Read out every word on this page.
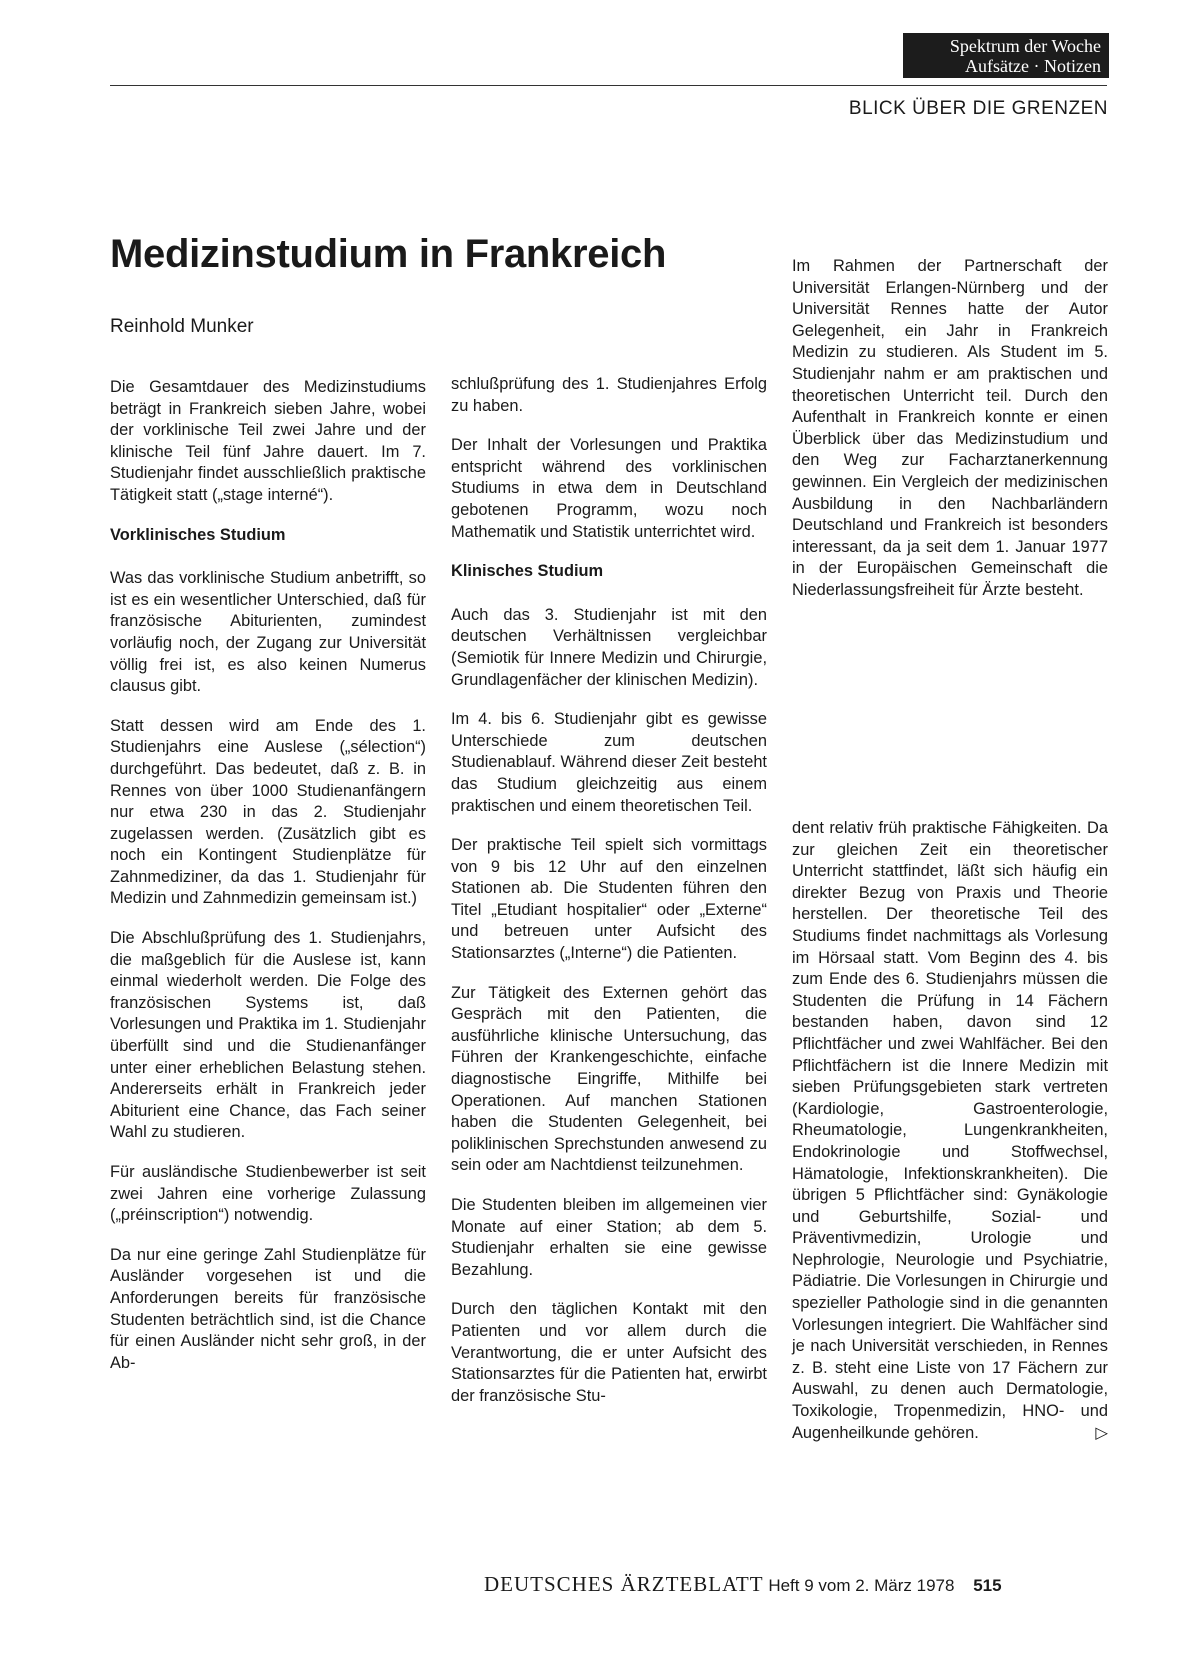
Spektrum der Woche
Aufsätze · Notizen
BLICK ÜBER DIE GRENZEN
Medizinstudium in Frankreich
Reinhold Munker

Die Gesamtdauer des Medizinstudiums beträgt in Frankreich sieben Jahre, wobei der vorklinische Teil zwei Jahre und der klinische Teil fünf Jahre dauert. Im 7. Studienjahr findet ausschließlich praktische Tätigkeit statt („stage interné“).

Vorklinisches Studium

Was das vorklinische Studium anbetrifft, so ist es ein wesentlicher Unterschied, daß für französische Abiturienten, zumindest vorläufig noch, der Zugang zur Universität völlig frei ist, es also keinen Numerus clausus gibt.

Statt dessen wird am Ende des 1. Studienjahrs eine Auslese („sélection“) durchgeführt. Das bedeutet, daß z. B. in Rennes von über 1000 Studienanfängern nur etwa 230 in das 2. Studienjahr zugelassen werden. (Zusätzlich gibt es noch ein Kontingent Studienplätze für Zahnmediziner, da das 1. Studienjahr für Medizin und Zahnmedizin gemeinsam ist.)

Die Abschlußprüfung des 1. Studienjahrs, die maßgeblich für die Auslese ist, kann einmal wiederholt werden. Die Folge des französischen Systems ist, daß Vorlesungen und Praktika im 1. Studienjahr überfüllt sind und die Studienanfänger unter einer erheblichen Belastung stehen. Andererseits erhält in Frankreich jeder Abiturient eine Chance, das Fach seiner Wahl zu studieren.

Für ausländische Studienbewerber ist seit zwei Jahren eine vorherige Zulassung („préinscription“) notwendig.

Da nur eine geringe Zahl Studienplätze für Ausländer vorgesehen ist und die Anforderungen bereits für französische Studenten beträchtlich sind, ist die Chance für einen Ausländer nicht sehr groß, in der Ab-

schlußprüfung des 1. Studienjahres Erfolg zu haben.

Der Inhalt der Vorlesungen und Praktika entspricht während des vorklinischen Studiums in etwa dem in Deutschland gebotenen Programm, wozu noch Mathematik und Statistik unterrichtet wird.

Klinisches Studium

Auch das 3. Studienjahr ist mit den deutschen Verhältnissen vergleichbar (Semiotik für Innere Medizin und Chirurgie, Grundlagenfächer der klinischen Medizin).

Im 4. bis 6. Studienjahr gibt es gewisse Unterschiede zum deutschen Studienablauf. Während dieser Zeit besteht das Studium gleichzeitig aus einem praktischen und einem theoretischen Teil.

Der praktische Teil spielt sich vormittags von 9 bis 12 Uhr auf den einzelnen Stationen ab. Die Studenten führen den Titel „Etudiant hospitalier“ oder „Externe“ und betreuen unter Aufsicht des Stationsarztes („Interne“) die Patienten.

Zur Tätigkeit des Externen gehört das Gespräch mit den Patienten, die ausführliche klinische Untersuchung, das Führen der Krankengeschichte, einfache diagnostische Eingriffe, Mithilfe bei Operationen. Auf manchen Stationen haben die Studenten Gelegenheit, bei poliklinischen Sprechstunden anwesend zu sein oder am Nachtdienst teilzunehmen.

Die Studenten bleiben im allgemeinen vier Monate auf einer Station; ab dem 5. Studienjahr erhalten sie eine gewisse Bezahlung.

Durch den täglichen Kontakt mit den Patienten und vor allem durch die Verantwortung, die er unter Aufsicht des Stationsarztes für die Patienten hat, erwirbt der französische Stu-

Im Rahmen der Partnerschaft der Universität Erlangen-Nürnberg und der Universität Rennes hatte der Autor Gelegenheit, ein Jahr in Frankreich Medizin zu studieren. Als Student im 5. Studienjahr nahm er am praktischen und theoretischen Unterricht teil. Durch den Aufenthalt in Frankreich konnte er einen Überblick über das Medizinstudium und den Weg zur Facharztanerkennung gewinnen. Ein Vergleich der medizinischen Ausbildung in den Nachbarländern Deutschland und Frankreich ist besonders interessant, da ja seit dem 1. Januar 1977 in der Europäischen Gemeinschaft die Niederlassungsfreiheit für Ärzte besteht.

dent relativ früh praktische Fähigkeiten. Da zur gleichen Zeit ein theoretischer Unterricht stattfindet, läßt sich häufig ein direkter Bezug von Praxis und Theorie herstellen. Der theoretische Teil des Studiums findet nachmittags als Vorlesung im Hörsaal statt. Vom Beginn des 4. bis zum Ende des 6. Studienjahrs müssen die Studenten die Prüfung in 14 Fächern bestanden haben, davon sind 12 Pflichtfächer und zwei Wahlfächer. Bei den Pflichtfächern ist die Innere Medizin mit sieben Prüfungsgebieten stark vertreten (Kardiologie, Gastroenterologie, Rheumatologie, Lungenkrankheiten, Endokrinologie und Stoffwechsel, Hämatologie, Infektionskrankheiten). Die übrigen 5 Pflichtfächer sind: Gynäkologie und Geburtshilfe, Sozial- und Präventivmedizin, Urologie und Nephrologie, Neurologie und Psychiatrie, Pädiatrie. Die Vorlesungen in Chirurgie und spezieller Pathologie sind in die genannten Vorlesungen integriert. Die Wahlfächer sind je nach Universität verschieden, in Rennes z. B. steht eine Liste von 17 Fächern zur Auswahl, zu denen auch Dermatologie, Toxikologie, Tropenmedizin, HNO- und Augenheilkunde gehören.	▷

DEUTSCHES ÄRZTEBLATT Heft 9 vom 2. März 1978 515
